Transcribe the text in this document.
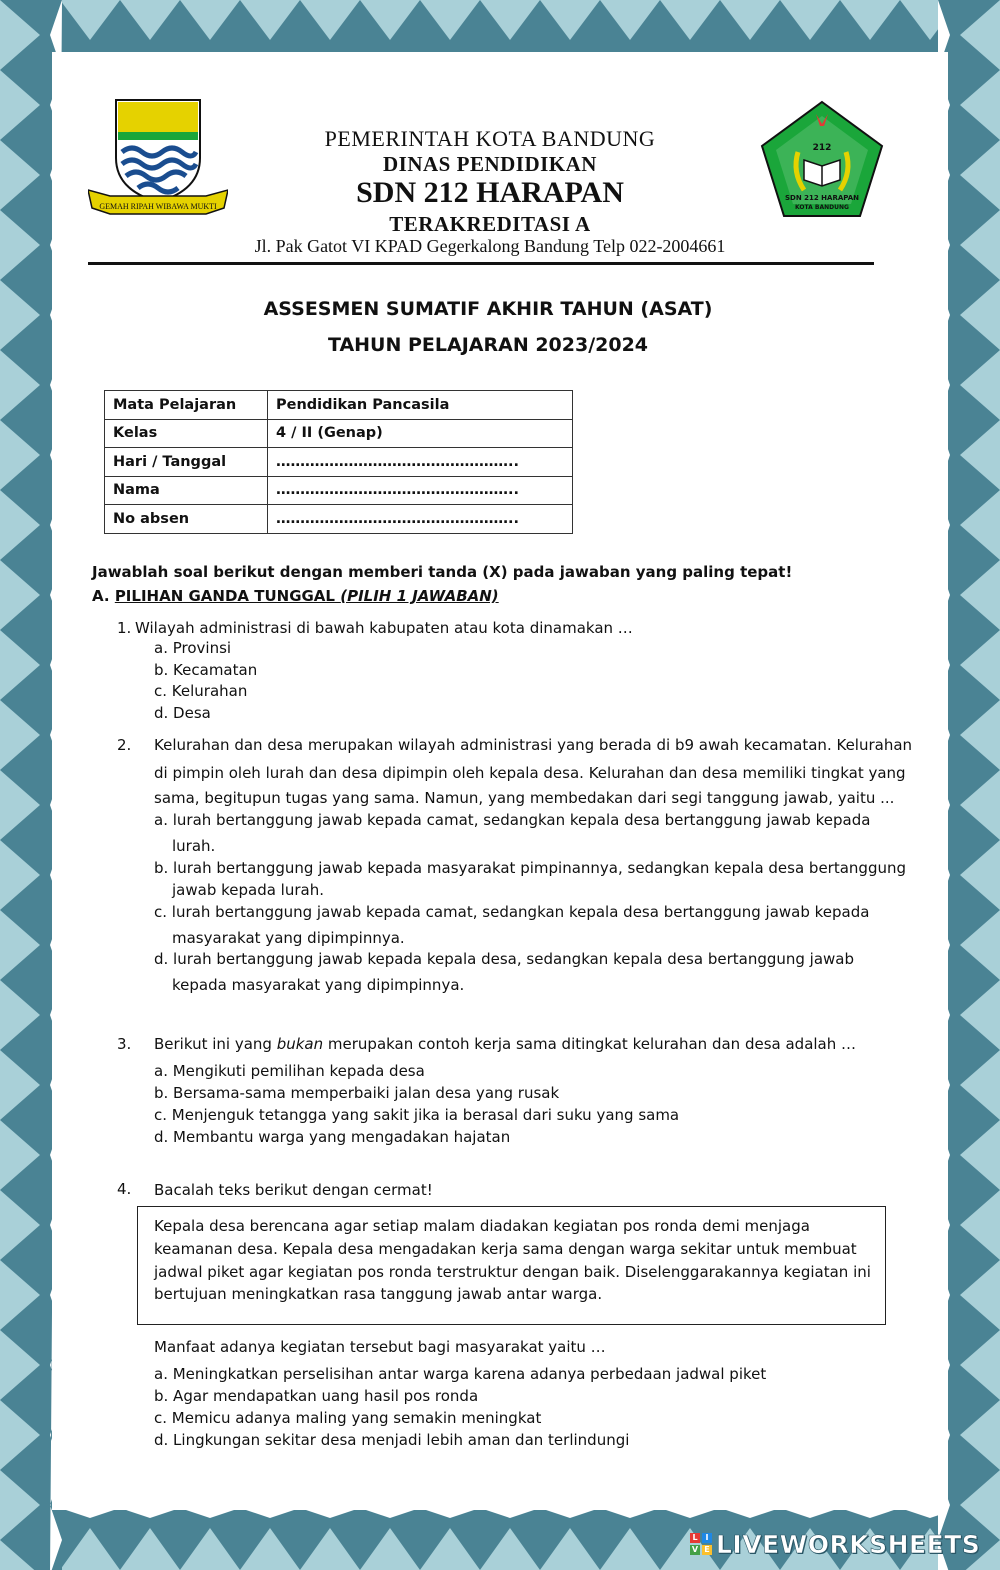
GEMAH RIPAH WIBAWA MUKTI
212
SDN 212 HARAPAN
KOTA BANDUNG
PEMERINTAH KOTA BANDUNG
DINAS PENDIDIKAN
SDN 212 HARAPAN
TERAKREDITASI A
Jl. Pak Gatot VI KPAD Gegerkalong Bandung Telp 022-2004661
ASSESMEN SUMATIF AKHIR TAHUN (ASAT)
TAHUN PELAJARAN 2023/2024
Mata Pelajaran	Pendidikan Pancasila
Kelas	4 / II (Genap)
Hari / Tanggal	…………………………………………..
Nama	…………………………………………..
No absen	…………………………………………..
Jawablah soal berikut dengan memberi tanda (X) pada jawaban yang paling tepat!
A. PILIHAN GANDA TUNGGAL (PILIH 1 JAWABAN)
1. Wilayah administrasi di bawah kabupaten atau kota dinamakan …
a. Provinsi
b. Kecamatan
c. Kelurahan
d. Desa
2. Kelurahan dan desa merupakan wilayah administrasi yang berada di b9 awah kecamatan. Kelurahan
di pimpin oleh lurah dan desa dipimpin oleh kepala desa. Kelurahan dan desa memiliki tingkat yang
sama, begitupun tugas yang sama. Namun, yang membedakan dari segi tanggung jawab, yaitu ...
a. lurah bertanggung jawab kepada camat, sedangkan kepala desa bertanggung jawab kepada
lurah.
b. lurah bertanggung jawab kepada masyarakat pimpinannya, sedangkan kepala desa bertanggung
jawab kepada lurah.
c. lurah bertanggung jawab kepada camat, sedangkan kepala desa bertanggung jawab kepada
masyarakat yang dipimpinnya.
d. lurah bertanggung jawab kepada kepala desa, sedangkan kepala desa bertanggung jawab
kepada masyarakat yang dipimpinnya.
3. Berikut ini yang bukan merupakan contoh kerja sama ditingkat kelurahan dan desa adalah …
a. Mengikuti pemilihan kepada desa
b. Bersama-sama memperbaiki jalan desa yang rusak
c. Menjenguk tetangga yang sakit jika ia berasal dari suku yang sama
d. Membantu warga yang mengadakan hajatan
4. Bacalah teks berikut dengan cermat!
Kepala desa berencana agar setiap malam diadakan kegiatan pos ronda demi menjaga
keamanan desa. Kepala desa mengadakan kerja sama dengan warga sekitar untuk membuat
jadwal piket agar kegiatan pos ronda terstruktur dengan baik. Diselenggarakannya kegiatan ini
bertujuan meningkatkan rasa tanggung jawab antar warga.
Manfaat adanya kegiatan tersebut bagi masyarakat yaitu …
a. Meningkatkan perselisihan antar warga karena adanya perbedaan jadwal piket
b. Agar mendapatkan uang hasil pos ronda
c. Memicu adanya maling yang semakin meningkat
d. Lingkungan sekitar desa menjadi lebih aman dan terlindungi
L I
V E LIVEWORKSHEETS
